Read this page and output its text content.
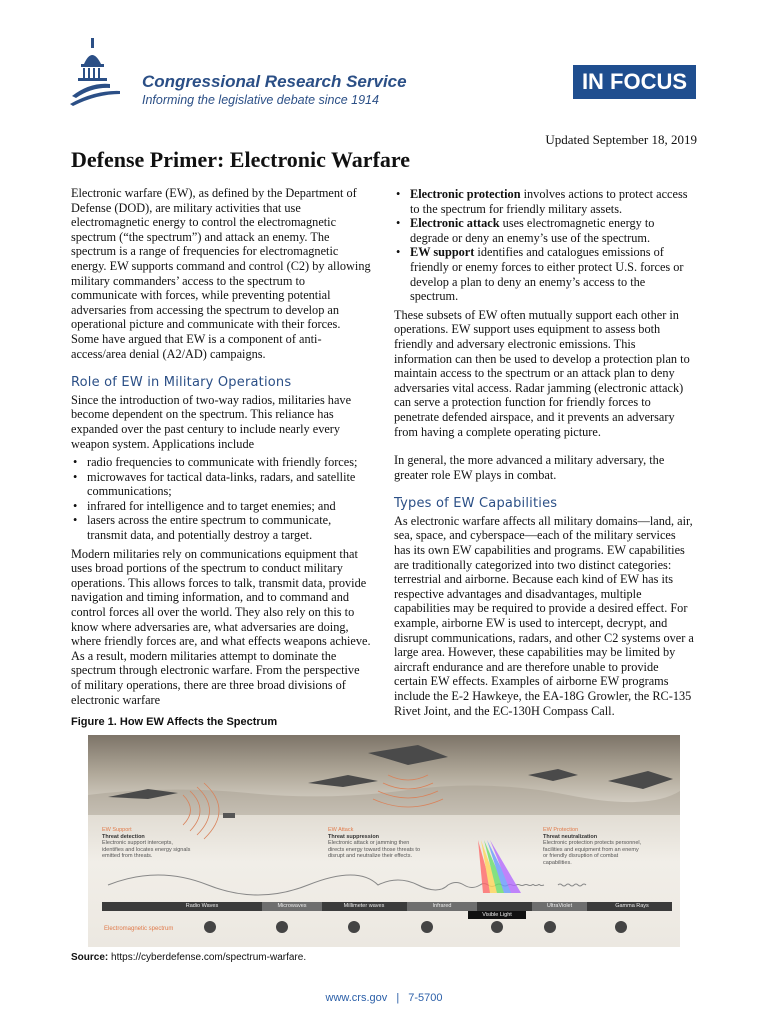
Congressional Research Service
Informing the legislative debate since 1914
IN FOCUS
Updated September 18, 2019
Defense Primer: Electronic Warfare

Electronic warfare (EW), as defined by the Department of Defense (DOD), are military activities that use electromagnetic energy to control the electromagnetic spectrum (“the spectrum”) and attack an enemy. The spectrum is a range of frequencies for electromagnetic energy. EW supports command and control (C2) by allowing military commanders’ access to the spectrum to communicate with forces, while preventing potential adversaries from accessing the spectrum to develop an operational picture and communicate with their forces. Some have argued that EW is a component of anti-access/area denial (A2/AD) campaigns.

Role of EW in Military Operations

Since the introduction of two-way radios, militaries have become dependent on the spectrum. This reliance has expanded over the past century to include nearly every weapon system. Applications include

• radio frequencies to communicate with friendly forces;
• microwaves for tactical data-links, radars, and satellite communications;
• infrared for intelligence and to target enemies; and
• lasers across the entire spectrum to communicate, transmit data, and potentially destroy a target.

Modern militaries rely on communications equipment that uses broad portions of the spectrum to conduct military operations. This allows forces to talk, transmit data, provide navigation and timing information, and to command and control forces all over the world. They also rely on this to know where adversaries are, what adversaries are doing, where friendly forces are, and what effects weapons achieve. As a result, modern militaries attempt to dominate the spectrum through electronic warfare. From the perspective of military operations, there are three broad divisions of electronic warfare

• Electronic protection involves actions to protect access to the spectrum for friendly military assets.
• Electronic attack uses electromagnetic energy to degrade or deny an enemy’s use of the spectrum.
• EW support identifies and catalogues emissions of friendly or enemy forces to either protect U.S. forces or develop a plan to deny an enemy’s access to the spectrum.

These subsets of EW often mutually support each other in operations. EW support uses equipment to assess both friendly and adversary electronic emissions. This information can then be used to develop a protection plan to maintain access to the spectrum or an attack plan to deny adversaries vital access. Radar jamming (electronic attack) can serve a protection function for friendly forces to penetrate defended airspace, and it prevents an adversary from having a complete operating picture.

In general, the more advanced a military adversary, the greater role EW plays in combat.

Types of EW Capabilities

As electronic warfare affects all military domains—land, air, sea, space, and cyberspace—each of the military services has its own EW capabilities and programs. EW capabilities are traditionally categorized into two distinct categories: terrestrial and airborne. Because each kind of EW has its respective advantages and disadvantages, multiple capabilities may be required to provide a desired effect. For example, airborne EW is used to intercept, decrypt, and disrupt communications, radars, and other C2 systems over a large area. However, these capabilities may be limited by aircraft endurance and are therefore unable to provide certain EW effects. Examples of airborne EW programs include the E-2 Hawkeye, the EA-18G Growler, the RC-135 Rivet Joint, and the EC-130H Compass Call.

Figure 1. How EW Affects the Spectrum
EW Support
Threat detection
Electronic support intercepts, identifies and locates energy signals emitted from threats.
EW Attack
Threat suppression
Electronic attack or jamming then directs energy toward those threats to disrupt and neutralize their effects.
EW Protection
Threat neutralization
Electronic protection protects personnel, facilities and equipment from an enemy or friendly disruption of combat capabilities.
Radio Waves	Microwaves	Millimeter waves	Infrared	UltraViolet	Gamma Rays
Visible Light
Electromagnetic spectrum
Source: https://cyberdefense.com/spectrum-warfare.
www.crs.gov | 7-5700
